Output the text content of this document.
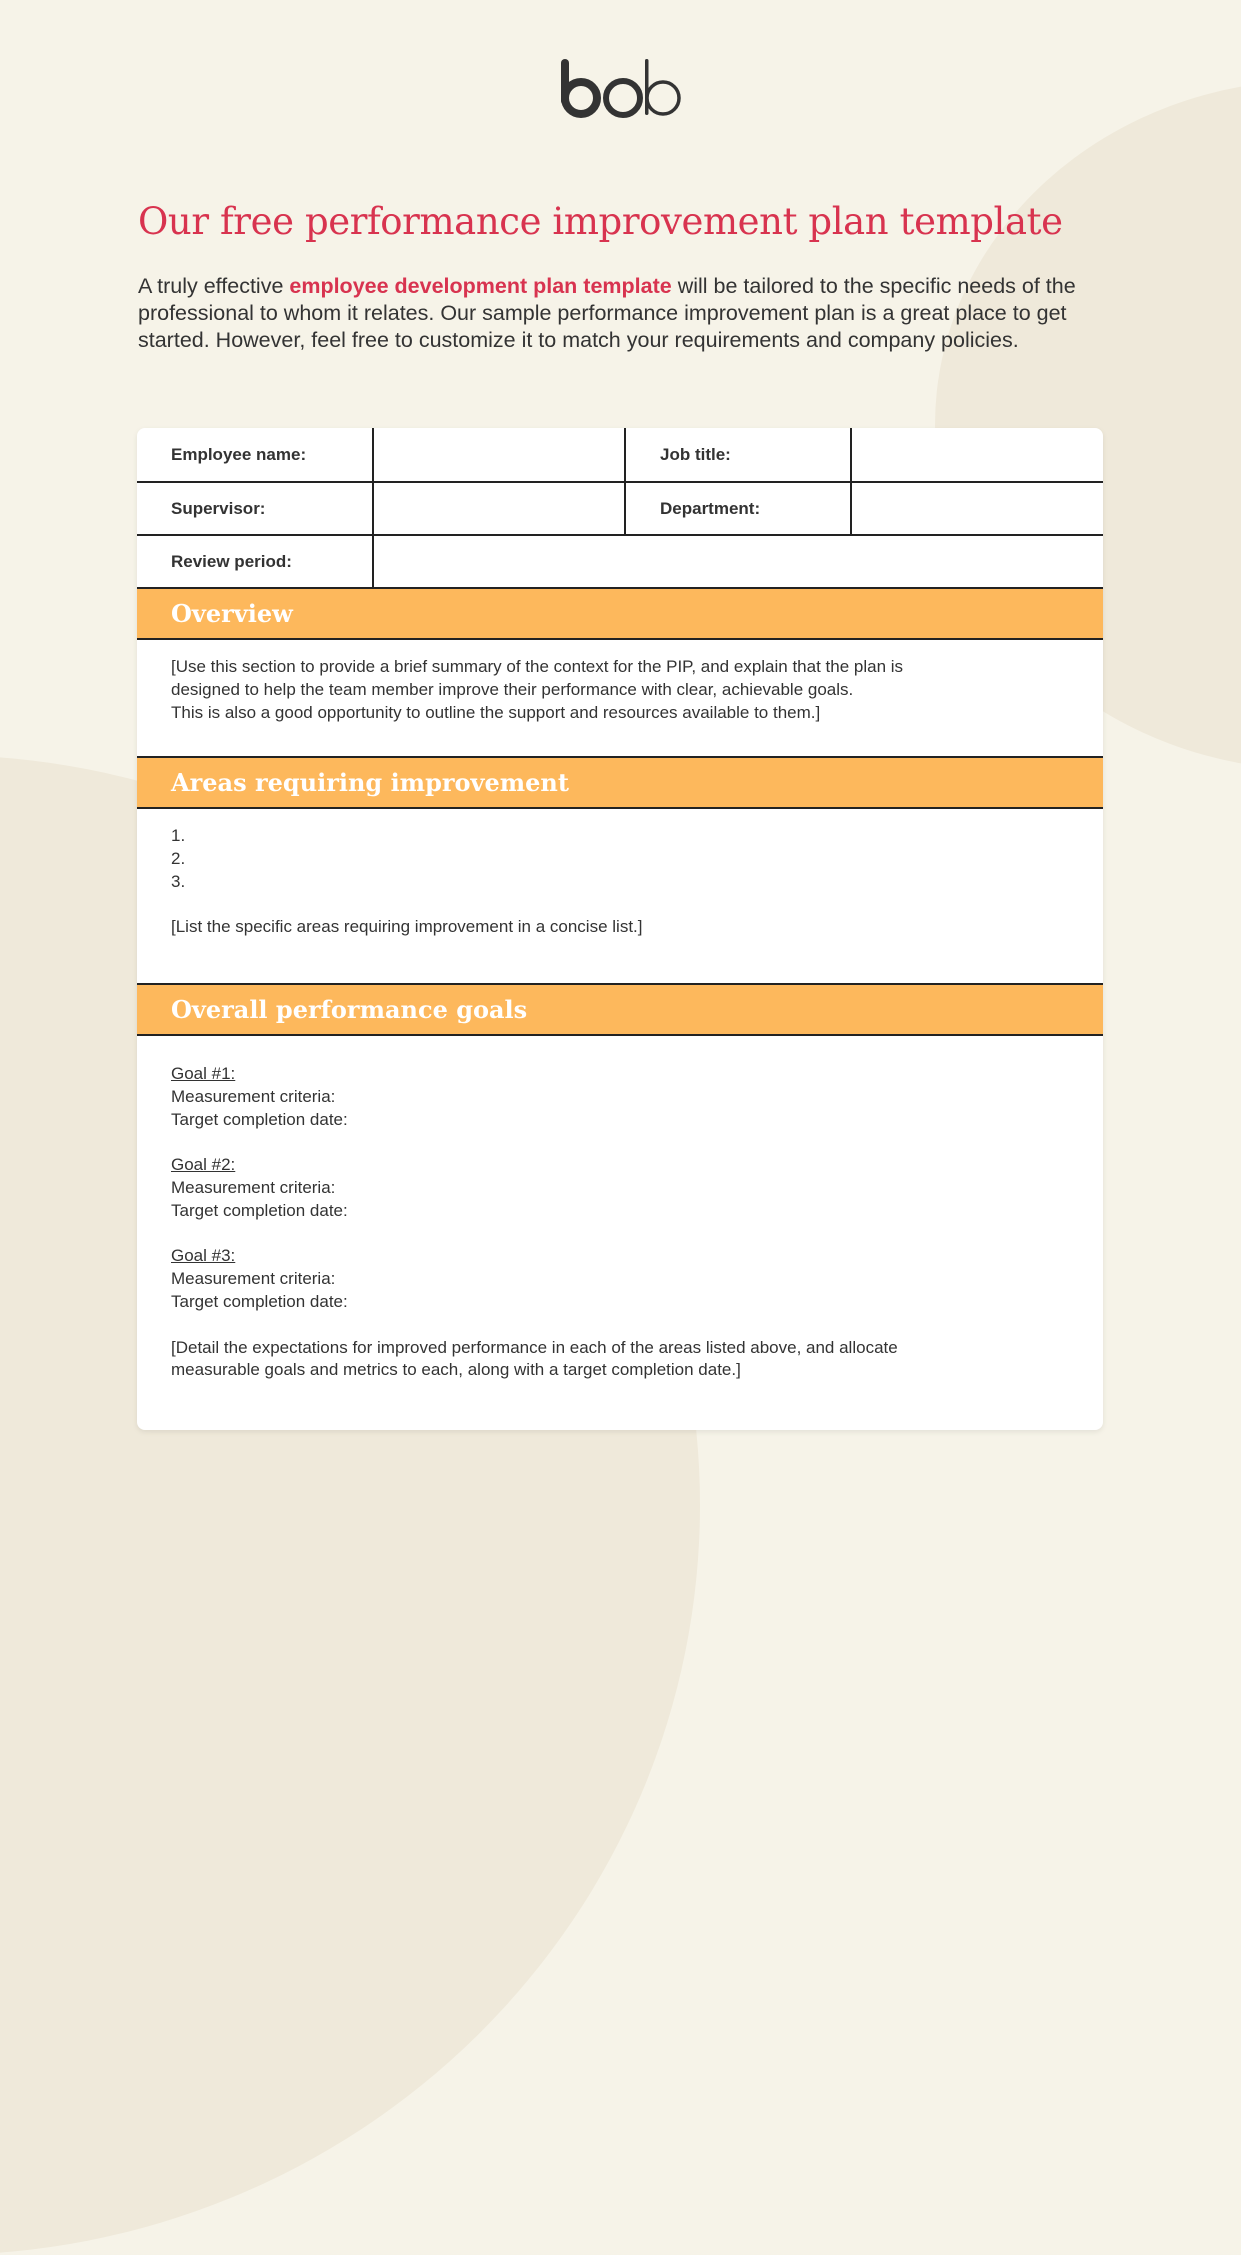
Our free performance improvement plan template

A truly effective employee development plan template will be tailored to the specific needs of the professional to whom it relates. Our sample performance improvement plan is a great place to get started. However, feel free to customize it to match your requirements and company policies.

Employee name:		Job title:	
Supervisor:		Department:	
Review period:			
Overview

[Use this section to provide a brief summary of the context for the PIP, and explain that the plan is

designed to help the team member improve their performance with clear, achievable goals.

This is also a good opportunity to outline the support and resources available to them.]

Areas requiring improvement

1.

2.

3.

[List the specific areas requiring improvement in a concise list.]

Overall performance goals

Goal #1:

Measurement criteria:

Target completion date:

Goal #2:

Measurement criteria:

Target completion date:

Goal #3:

Measurement criteria:

Target completion date:

[Detail the expectations for improved performance in each of the areas listed above, and allocate

measurable goals and metrics to each, along with a target completion date.]
